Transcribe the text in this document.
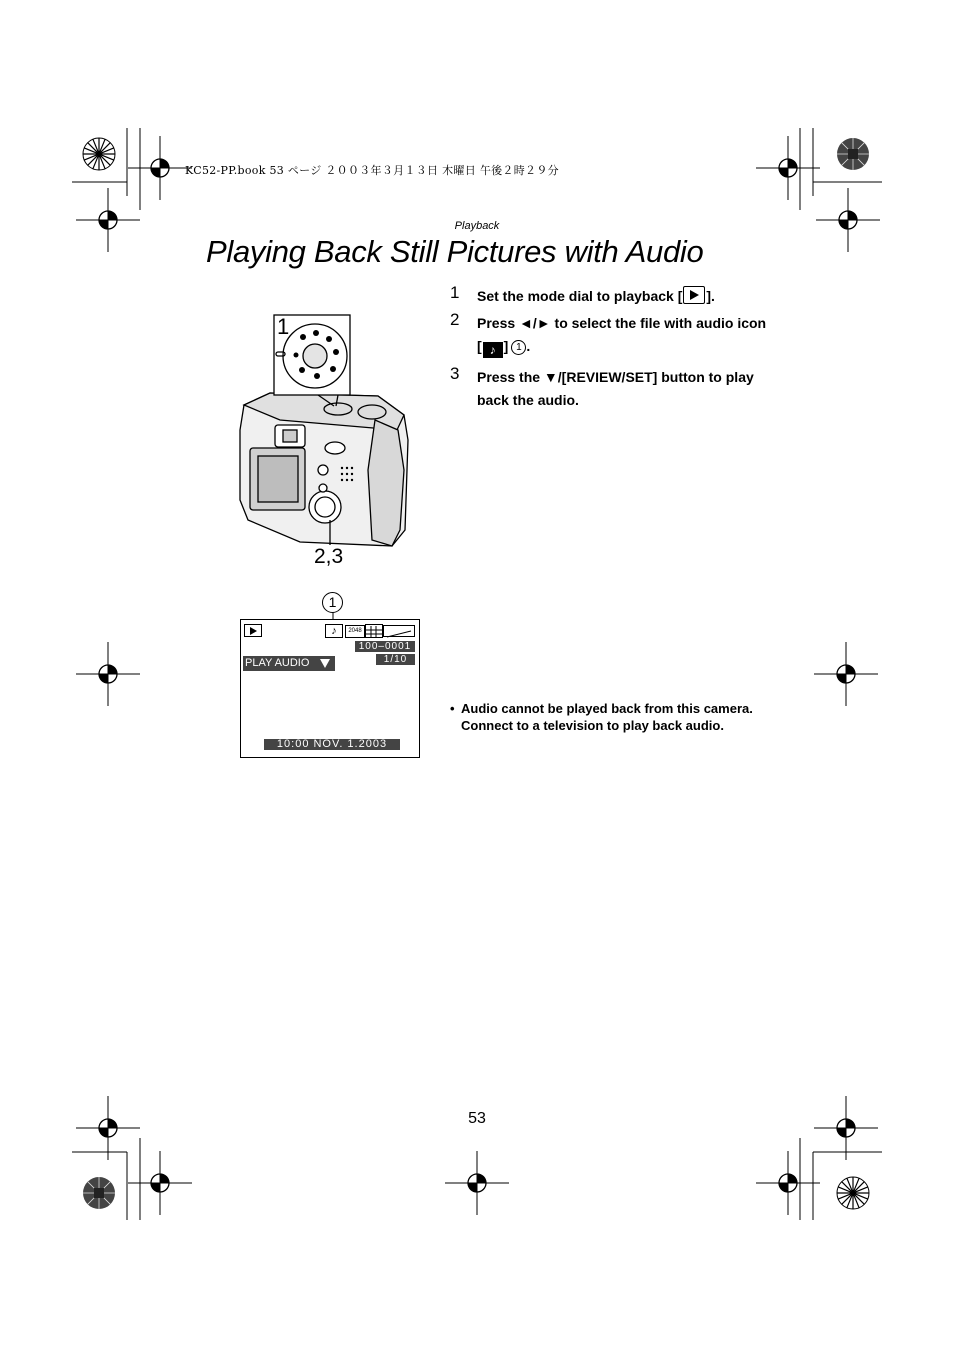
KC52-PP.book 53 ページ ２００３年３月１３日 木曜日 午後２時２９分
Playback
Playing Back Still Pictures with Audio
1 Set the mode dial to playback [ ].
2 Press ◄/► to select the file with audio icon [ ♪ ] 1 .
3 Press the ▼/[REVIEW/SET] button to play back the audio.
1
2,3
1
♪	2048
100–0001
1/10
PLAY AUDIO
10:00 NOV. 1.2003
• Audio cannot be played back from this camera. Connect to a television to play back audio.
53
